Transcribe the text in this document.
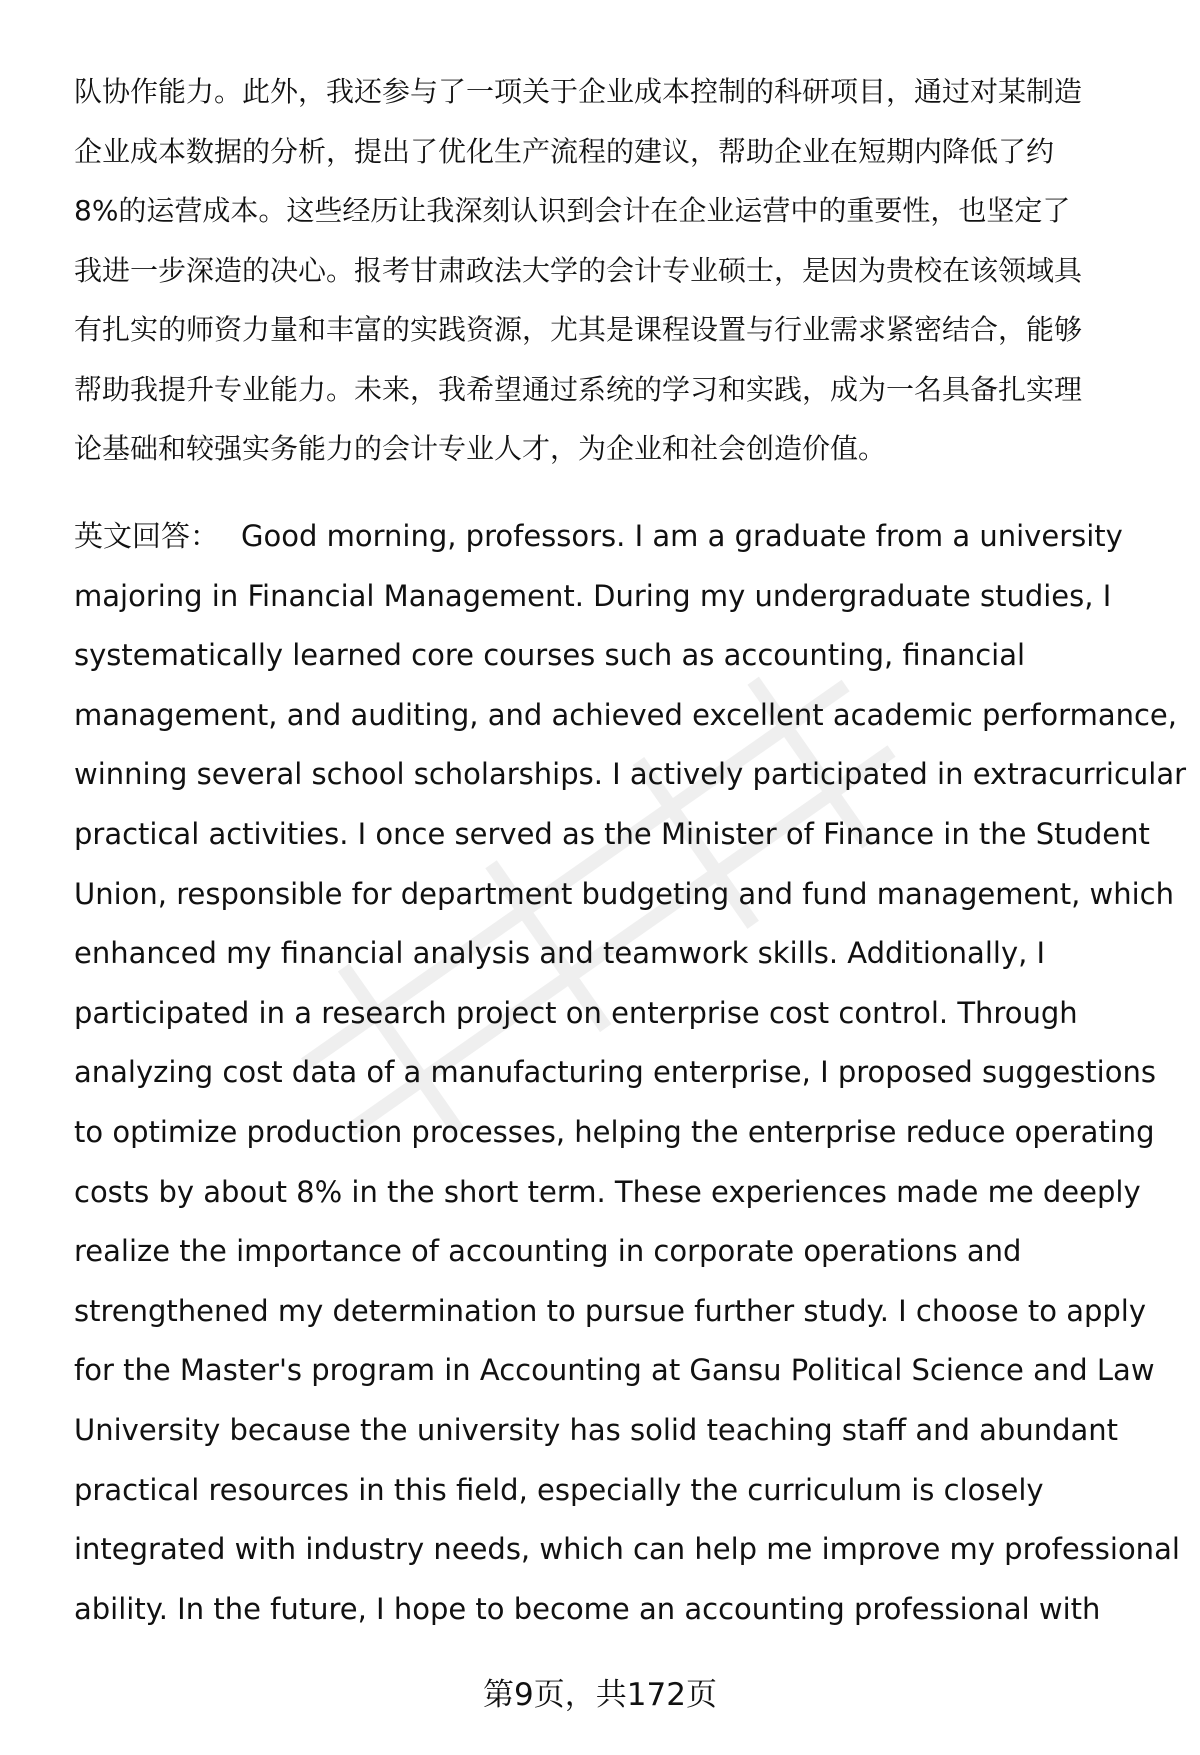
队协作能力。此外，我还参与了一项关于企业成本控制的科研项目，通过对某制造
企业成本数据的分析，提出了优化生产流程的建议，帮助企业在短期内降低了约
8%的运营成本。这些经历让我深刻认识到会计在企业运营中的重要性，也坚定了
我进一步深造的决心。报考甘肃政法大学的会计专业硕士，是因为贵校在该领域具
有扎实的师资力量和丰富的实践资源，尤其是课程设置与行业需求紧密结合，能够
帮助我提升专业能力。未来，我希望通过系统的学习和实践，成为一名具备扎实理
论基础和较强实务能力的会计专业人才，为企业和社会创造价值。
英文回答： Good morning, professors. I am a graduate from a university
majoring in Financial Management. During my undergraduate studies, I
systematically learned core courses such as accounting, financial
management, and auditing, and achieved excellent academic performance,
winning several school scholarships. I actively participated in extracurricular
practical activities. I once served as the Minister of Finance in the Student
Union, responsible for department budgeting and fund management, which
enhanced my financial analysis and teamwork skills. Additionally, I
participated in a research project on enterprise cost control. Through
analyzing cost data of a manufacturing enterprise, I proposed suggestions
to optimize production processes, helping the enterprise reduce operating
costs by about 8% in the short term. These experiences made me deeply
realize the importance of accounting in corporate operations and
strengthened my determination to pursue further study. I choose to apply
for the Master's program in Accounting at Gansu Political Science and Law
University because the university has solid teaching staff and abundant
practical resources in this field, especially the curriculum is closely
integrated with industry needs, which can help me improve my professional
ability. In the future, I hope to become an accounting professional with
第9页，共172页
